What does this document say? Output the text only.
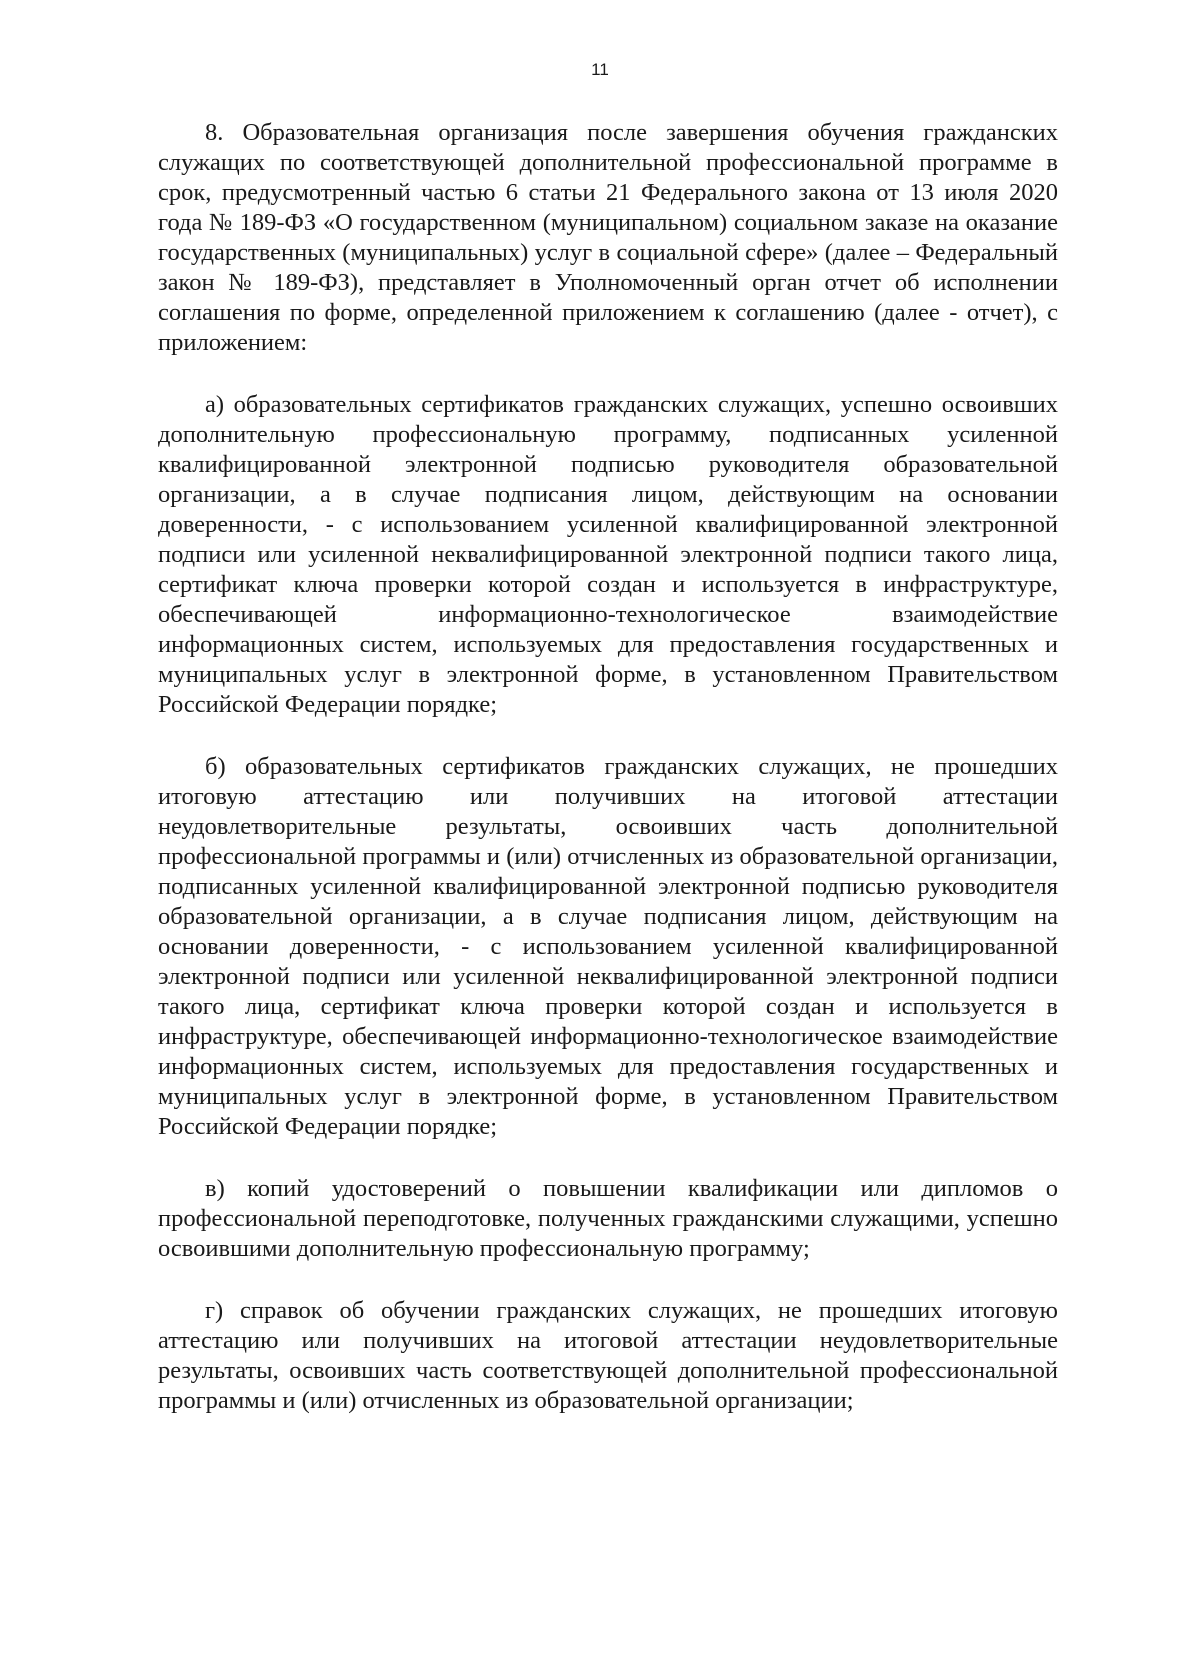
11

8. Образовательная организация после завершения обучения гражданских служащих по соответствующей дополнительной профессиональной программе в срок, предусмотренный частью 6 статьи 21 Федерального закона от 13 июля 2020 года № 189-ФЗ «О государственном (муниципальном) социальном заказе на оказание государственных (муниципальных) услуг в социальной сфере» (далее – Федеральный закон № 189-ФЗ), представляет в Уполномоченный орган отчет об исполнении соглашения по форме, определенной приложением к соглашению (далее - отчет), с приложением:

а) образовательных сертификатов гражданских служащих, успешно освоивших дополнительную профессиональную программу, подписанных усиленной квалифицированной электронной подписью руководителя образовательной организации, а в случае подписания лицом, действующим на основании доверенности, - с использованием усиленной квалифицированной электронной подписи или усиленной неквалифицированной электронной подписи такого лица, сертификат ключа проверки которой создан и используется в инфраструктуре, обеспечивающей информационно-технологическое взаимодействие информационных систем, используемых для предоставления государственных и муниципальных услуг в электронной форме, в установленном Правительством Российской Федерации порядке;

б) образовательных сертификатов гражданских служащих, не прошедших итоговую аттестацию или получивших на итоговой аттестации неудовлетворительные результаты, освоивших часть дополнительной профессиональной программы и (или) отчисленных из образовательной организации, подписанных усиленной квалифицированной электронной подписью руководителя образовательной организации, а в случае подписания лицом, действующим на основании доверенности, - с использованием усиленной квалифицированной электронной подписи или усиленной неквалифицированной электронной подписи такого лица, сертификат ключа проверки которой создан и используется в инфраструктуре, обеспечивающей информационно-технологическое взаимодействие информационных систем, используемых для предоставления государственных и муниципальных услуг в электронной форме, в установленном Правительством Российской Федерации порядке;

в) копий удостоверений о повышении квалификации или дипломов о профессиональной переподготовке, полученных гражданскими служащими, успешно освоившими дополнительную профессиональную программу;

г) справок об обучении гражданских служащих, не прошедших итоговую аттестацию или получивших на итоговой аттестации неудовлетворительные результаты, освоивших часть соответствующей дополнительной профессиональной программы и (или) отчисленных из образовательной организации;
